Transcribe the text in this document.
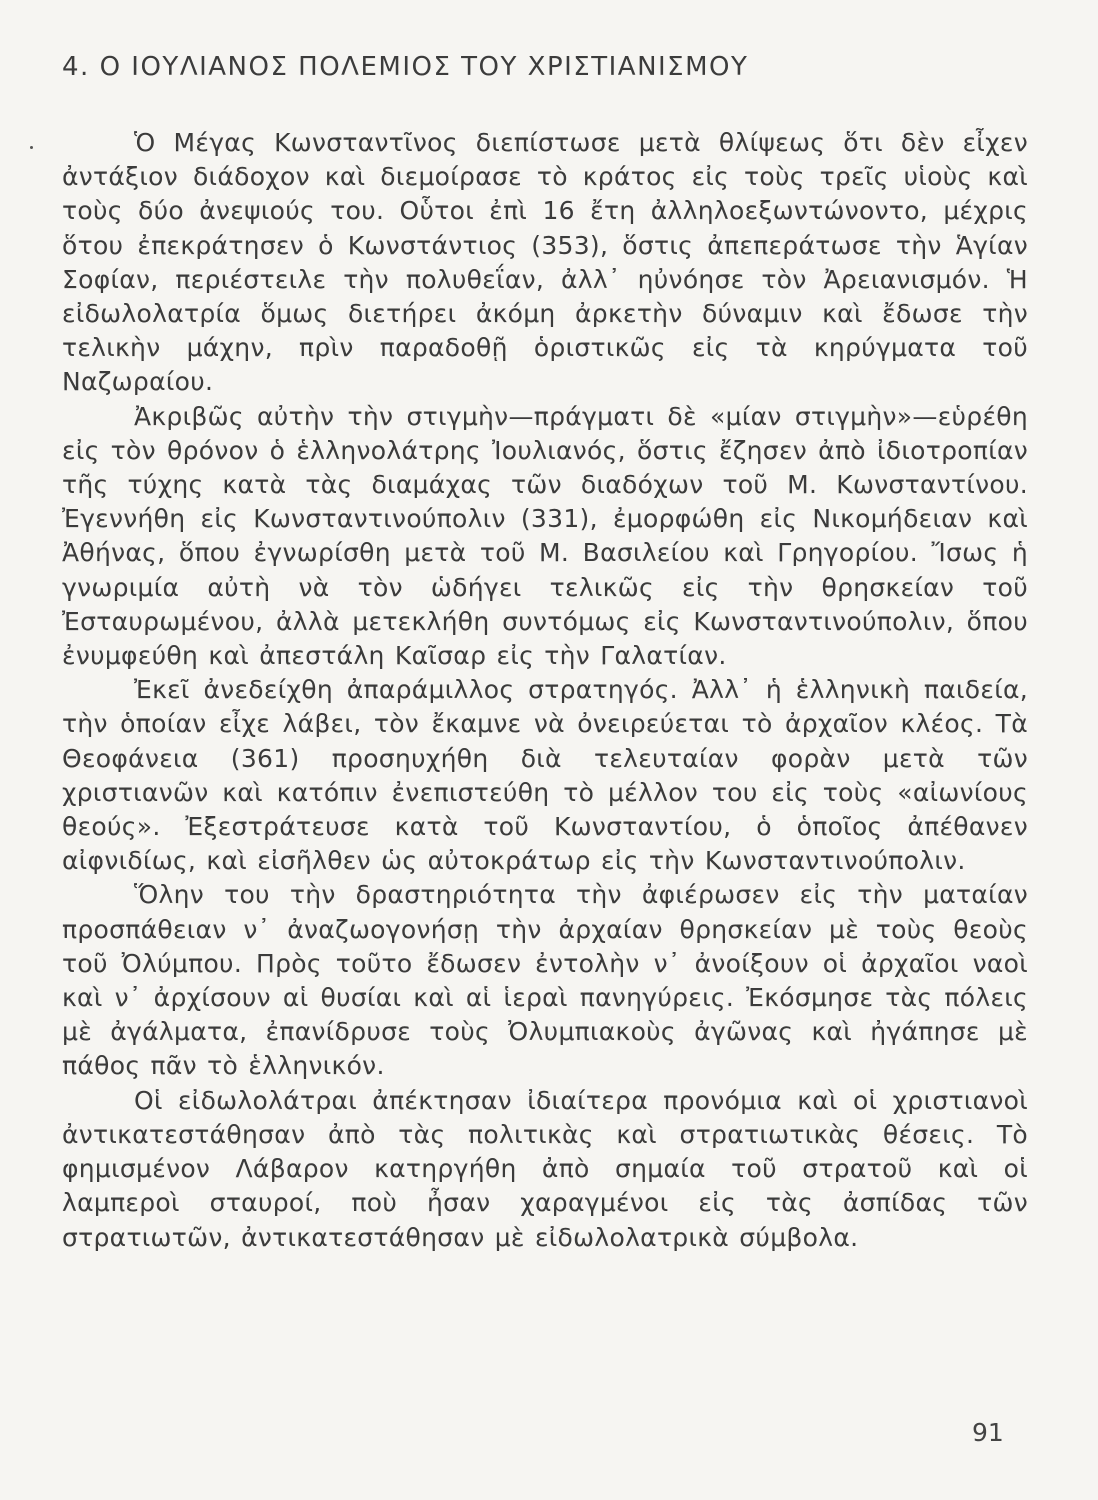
4. Ο ΙΟΥΛΙΑΝΟΣ ΠΟΛΕΜΙΟΣ ΤΟΥ ΧΡΙΣΤΙΑΝΙΣΜΟΥ

Ὁ Μέγας Κωνσταντῖνος διεπίστωσε μετὰ θλίψεως ὅτι δὲν εἶχεν ἀντάξιον διάδοχον καὶ διεμοίρασε τὸ κράτος εἰς τοὺς τρεῖς υἱοὺς καὶ τοὺς δύο ἀνεψιούς του. Οὗτοι ἐπὶ 16 ἔτη ἀλληλοεξωντώνοντο, μέχρις ὅτου ἐπεκράτησεν ὁ Κωνστάντιος (353), ὅστις ἀπεπεράτωσε τὴν Ἁγίαν Σοφίαν, περιέστειλε τὴν πολυθεΐαν, ἀλλ᾽ ηὐνόησε τὸν Ἀρειανισμόν. Ἡ εἰδωλολατρία ὅμως διετήρει ἀκόμη ἀρκετὴν δύναμιν καὶ ἔδωσε τὴν τελικὴν μάχην, πρὶν παραδοθῇ ὁριστικῶς εἰς τὰ κηρύγματα τοῦ Ναζωραίου.

Ἀκριβῶς αὐτὴν τὴν στιγμὴν—πράγματι δὲ «μίαν στιγμὴν»—εὑρέθη εἰς τὸν θρόνον ὁ ἑλληνολάτρης Ἰουλιανός, ὅστις ἔζησεν ἀπὸ ἰδιοτροπίαν τῆς τύχης κατὰ τὰς διαμάχας τῶν διαδόχων τοῦ Μ. Κωνσταντίνου. Ἐγεννήθη εἰς Κωνσταντινούπολιν (331), ἐμορφώθη εἰς Νικομήδειαν καὶ Ἀθήνας, ὅπου ἐγνωρίσθη μετὰ τοῦ Μ. Βασιλείου καὶ Γρηγορίου. Ἴσως ἡ γνωριμία αὐτὴ νὰ τὸν ὡδήγει τελικῶς εἰς τὴν θρησκείαν τοῦ Ἐσταυρωμένου, ἀλλὰ μετεκλήθη συντόμως εἰς Κωνσταντινούπολιν, ὅπου ἐνυμφεύθη καὶ ἀπεστάλη Καῖσαρ εἰς τὴν Γαλατίαν.

Ἐκεῖ ἀνεδείχθη ἀπαράμιλλος στρατηγός. Ἀλλ᾽ ἡ ἑλληνικὴ παιδεία, τὴν ὁποίαν εἶχε λάβει, τὸν ἔκαμνε νὰ ὀνειρεύεται τὸ ἀρχαῖον κλέος. Τὰ Θεοφάνεια (361) προσηυχήθη διὰ τελευταίαν φορὰν μετὰ τῶν χριστιανῶν καὶ κατόπιν ἐνεπιστεύθη τὸ μέλλον του εἰς τοὺς «αἰωνίους θεούς». Ἐξεστράτευσε κατὰ τοῦ Κωνσταντίου, ὁ ὁποῖος ἀπέθανεν αἰφνιδίως, καὶ εἰσῆλθεν ὡς αὐτοκράτωρ εἰς τὴν Κωνσταντινούπολιν.

Ὅλην του τὴν δραστηριότητα τὴν ἀφιέρωσεν εἰς τὴν ματαίαν προσπάθειαν ν᾽ ἀναζωογονήσῃ τὴν ἀρχαίαν θρησκείαν μὲ τοὺς θεοὺς τοῦ Ὀλύμπου. Πρὸς τοῦτο ἔδωσεν ἐντολὴν ν᾽ ἀνοίξουν οἱ ἀρχαῖοι ναοὶ καὶ ν᾽ ἀρχίσουν αἱ θυσίαι καὶ αἱ ἱεραὶ πανηγύρεις. Ἐκόσμησε τὰς πόλεις μὲ ἀγάλματα, ἐπανίδρυσε τοὺς Ὀλυμπιακοὺς ἀγῶνας καὶ ἠγάπησε μὲ πάθος πᾶν τὸ ἑλληνικόν.

Οἱ εἰδωλολάτραι ἀπέκτησαν ἰδιαίτερα προνόμια καὶ οἱ χριστιανοὶ ἀντικατεστάθησαν ἀπὸ τὰς πολιτικὰς καὶ στρατιωτικὰς θέσεις. Τὸ φημισμένον Λάβαρον κατηργήθη ἀπὸ σημαία τοῦ στρατοῦ καὶ οἱ λαμπεροὶ σταυροί, ποὺ ἦσαν χαραγμένοι εἰς τὰς ἀσπίδας τῶν στρατιωτῶν, ἀντικατεστάθησαν μὲ εἰδωλολατρικὰ σύμβολα.

91
